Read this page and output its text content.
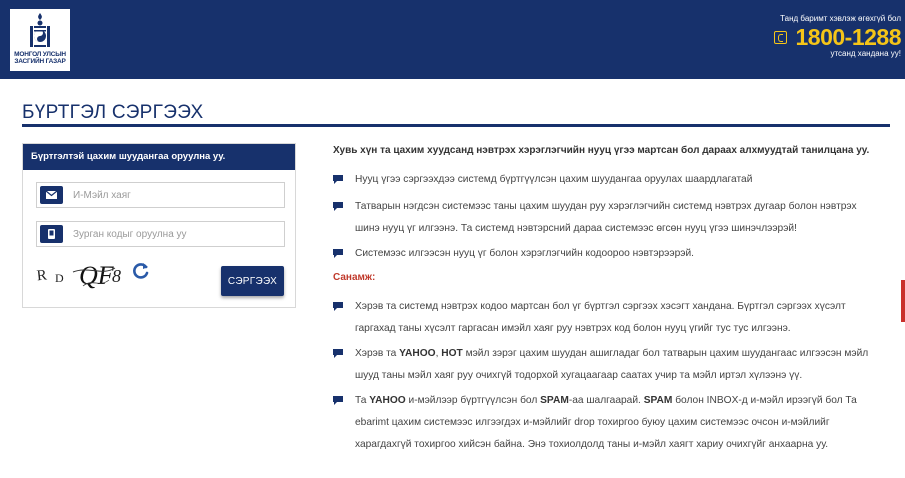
МОНГОЛ УЛСЫН
ЗАСГИЙН ГАЗАР
Танд баримт хэвлэж өгөхгүй бол
1800-1288
утсанд хандана уу!
БҮРТГЭЛ СЭРГЭЭХ
Бүртгэлтэй цахим шуудангаа оруулна уу.
И-Мэйл хаяг
Зурган кодыг оруулна уу
R D QF
8	СЭРГЭЭХ
Хувь хүн та цахим хуудсанд нэвтрэх хэрэглэгчийн нууц үгээ мартсан бол дараах алхмуудтай танилцана уу.
Нууц үгээ сэргээхдээ системд бүртгүүлсэн цахим шуудангаа оруулах шаардлагатай
Татварын нэгдсэн системээс таны цахим шуудан руу хэрэглэгчийн системд нэвтрэх дугаар болон нэвтрэх шинэ нууц үг илгээнэ. Та системд нэвтэрсний дараа системээс өгсөн нууц үгээ шинэчлээрэй!
Системээс илгээсэн нууц үг болон хэрэглэгчийн кодоороо нэвтэрээрэй.
Санамж:
Хэрэв та системд нэвтрэх кодоо мартсан бол үг бүртгэл сэргээх хэсэгт хандана. Бүртгэл сэргээх хүсэлт гаргахад таны хүсэлт гаргасан имэйл хаяг руу нэвтрэх код болон нууц үгийг тус тус илгээнэ.
Хэрэв та YAHOO, HOT мэйл зэрэг цахим шуудан ашигладаг бол татварын цахим шуудангаас илгээсэн мэйл шууд таны мэйл хаяг руу очихгүй тодорхой хугацаагаар саатах учир та мэйл иртэл хүлээнэ үү.
Та YAHOO и-мэйлээр бүртгүүлсэн бол SPAM-аа шалгаарай. SPAM болон INBOX-д и-мэйл ирээгүй бол Та ebarimt цахим системээс илгээгдэх и-мэйлийг drop тохиргоо буюу цахим системээс очсон и-мэйлийг харагдахгүй тохиргоо хийсэн байна. Энэ тохиолдолд таны и-мэйл хаягт хариу очихгүйг анхаарна уу.
